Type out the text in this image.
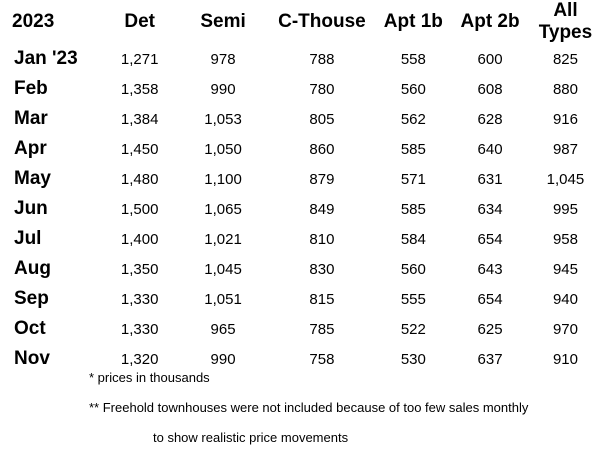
2023	Det	Semi	C-Thouse	Apt 1b	Apt 2b	All Types
Jan '23	1,271	978	788	558	600	825
Feb	1,358	990	780	560	608	880
Mar	1,384	1,053	805	562	628	916
Apr	1,450	1,050	860	585	640	987
May	1,480	1,100	879	571	631	1,045
Jun	1,500	1,065	849	585	634	995
Jul	1,400	1,021	810	584	654	958
Aug	1,350	1,045	830	560	643	945
Sep	1,330	1,051	815	555	654	940
Oct	1,330	965	785	522	625	970
Nov	1,320	990	758	530	637	910
* prices in thousands
** Freehold townhouses were not included because of too few sales monthly
to show realistic price movements
